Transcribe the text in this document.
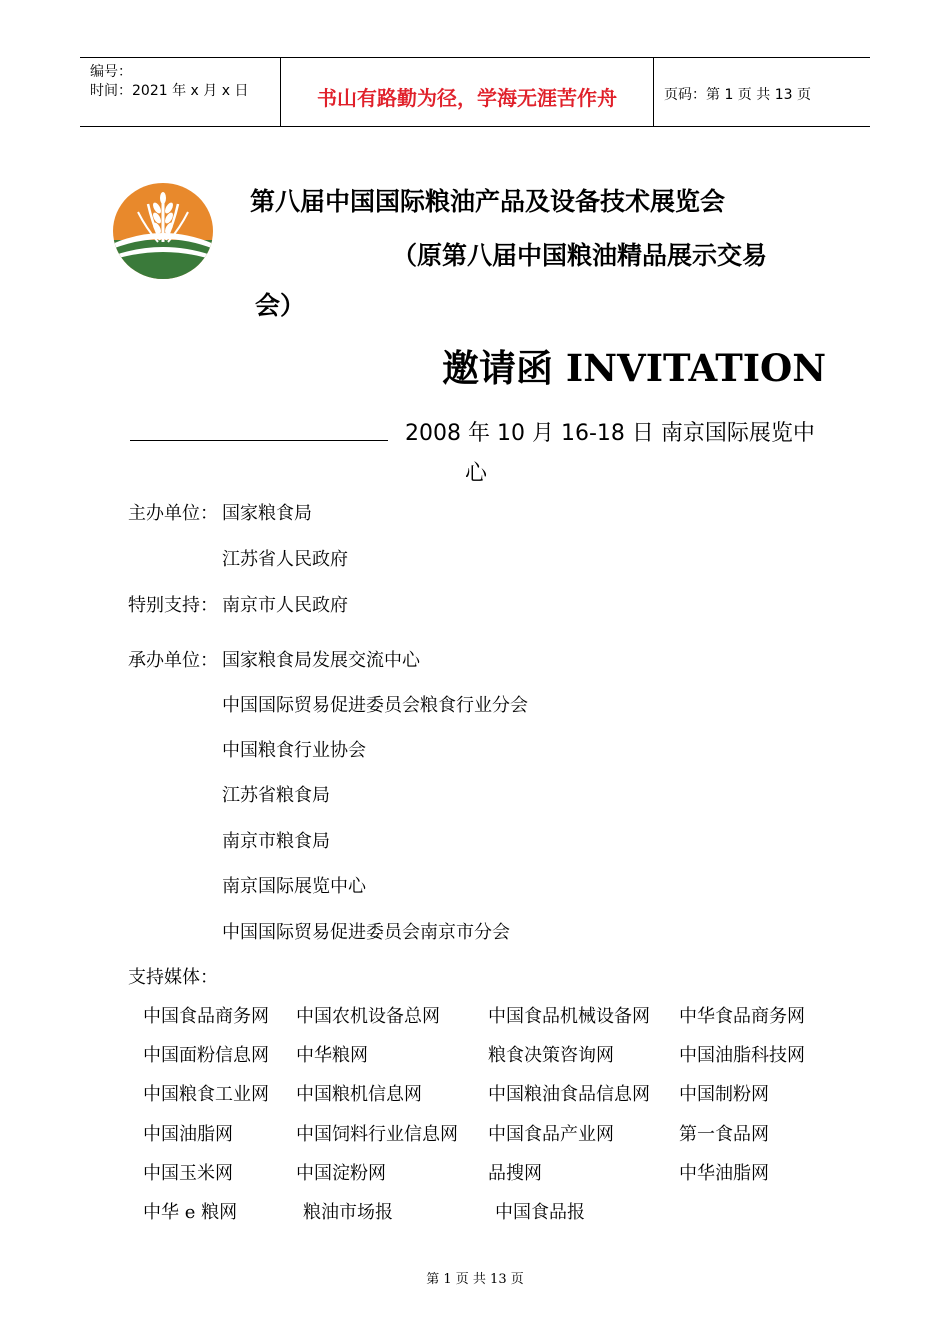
编号：
时间：2021 年 x 月 x 日	书山有路勤为径，学海无涯苦作舟	页码：第 1 页 共 13 页
第八届中国国际粮油产品及设备技术展览会
（原第八届中国粮油精品展示交易
会）
邀请函 INVITATION
2008 年 10 月 16-18 日 南京国际展览中
心
主办单位： 国家粮食局
江苏省人民政府
特别支持： 南京市人民政府
承办单位： 国家粮食局发展交流中心
中国国际贸易促进委员会粮食行业分会
中国粮食行业协会
江苏省粮食局
南京市粮食局
南京国际展览中心
中国国际贸易促进委员会南京市分会
支持媒体：
中国食品商务网 中国农机设备总网	中国食品机械设备网 中华食品商务网
中国面粉信息网 中华粮网	粮食决策咨询网	中国油脂科技网
中国粮食工业网 中国粮机信息网	中国粮油食品信息网 中国制粉网
中国油脂网	中国饲料行业信息网 中国食品产业网	第一食品网
中国玉米网	中国淀粉网	品搜网	中华油脂网
中华 e 粮网	粮油市场报	中国食品报
第 1 页 共 13 页
